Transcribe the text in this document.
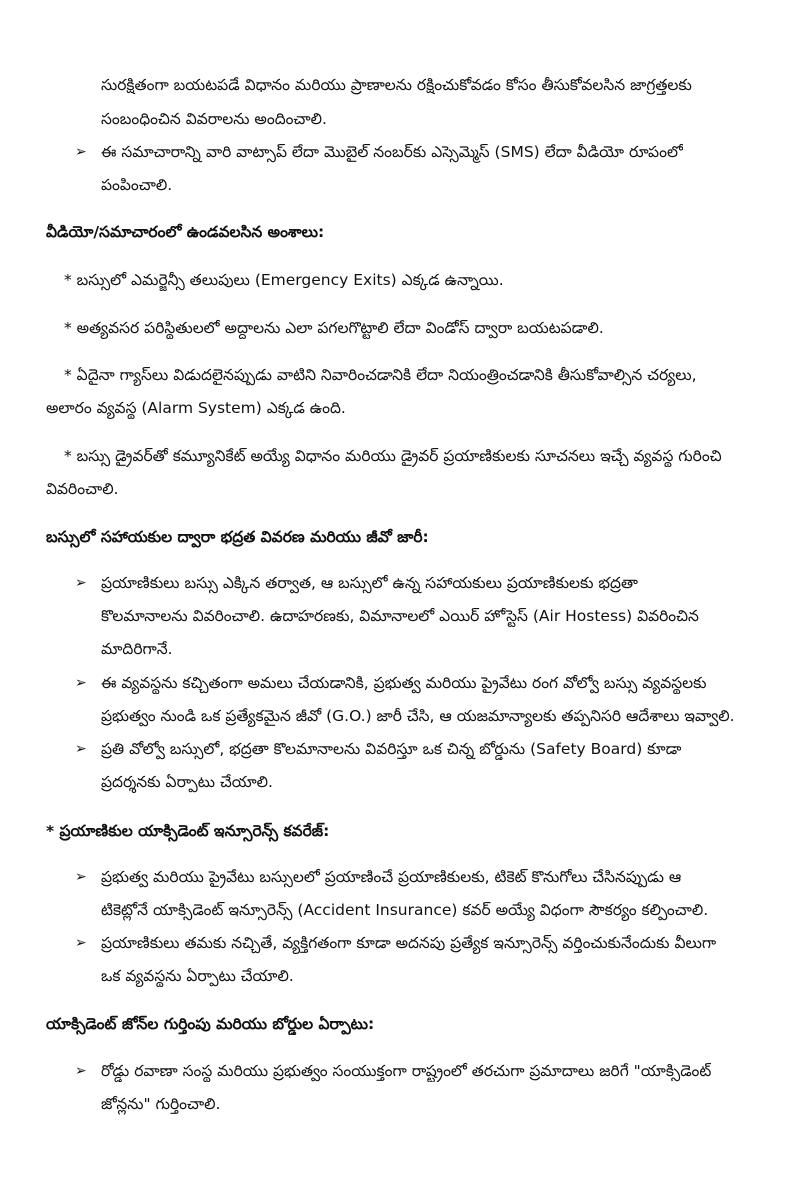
సురక్షితంగా బయటపడే విధానం మరియు ప్రాణాలను రక్షించుకోవడం కోసం తీసుకోవలసిన జాగ్రత్తలకు
సంబంధించిన వివరాలను అందించాలి.
➢ ఈ సమాచారాన్ని వారి వాట్సాప్ లేదా మొబైల్ నంబర్‌కు ఎస్సెమ్మెస్ (SMS) లేదా వీడియో రూపంలో
పంపించాలి.
వీడియో/సమాచారంలో ఉండవలసిన అంశాలు:
* బస్సులో ఎమర్జెన్సీ తలుపులు (Emergency Exits) ఎక్కడ ఉన్నాయి.
* అత్యవసర పరిస్థితులలో అద్దాలను ఎలా పగలగొట్టాలి లేదా విండోస్ ద్వారా బయటపడాలి.
* ఏదైనా గ్యాస్‌లు విడుదలైనప్పుడు వాటిని నివారించడానికి లేదా నియంత్రించడానికి తీసుకోవాల్సిన చర్యలు,
అలారం వ్యవస్థ (Alarm System) ఎక్కడ ఉంది.
* బస్సు డ్రైవర్‌తో కమ్యూనికేట్ అయ్యే విధానం మరియు డ్రైవర్ ప్రయాణికులకు సూచనలు ఇచ్చే వ్యవస్థ గురించి
వివరించాలి.
బస్సులో సహాయకుల ద్వారా భద్రత వివరణ మరియు జీవో జారీ:
➢ ప్రయాణికులు బస్సు ఎక్కిన తర్వాత, ఆ బస్సులో ఉన్న సహాయకులు ప్రయాణికులకు భద్రతా
కొలమానాలను వివరించాలి. ఉదాహరణకు, విమానాలలో ఎయిర్ హోస్టెస్ (Air Hostess) వివరించిన
మాదిరిగానే.
➢ ఈ వ్యవస్థను కచ్చితంగా అమలు చేయడానికి, ప్రభుత్వ మరియు ప్రైవేటు రంగ వోల్వో బస్సు వ్యవస్థలకు
ప్రభుత్వం నుండి ఒక ప్రత్యేకమైన జీవో (G.O.) జారీ చేసి, ఆ యజమాన్యాలకు తప్పనిసరి ఆదేశాలు ఇవ్వాలి.
➢ ప్రతి వోల్వో బస్సులో, భద్రతా కొలమానాలను వివరిస్తూ ఒక చిన్న బోర్డును (Safety Board) కూడా
ప్రదర్శనకు ఏర్పాటు చేయాలి.
* ప్రయాణికుల యాక్సిడెంట్ ఇన్సూరెన్స్ కవరేజ్:
➢ ప్రభుత్వ మరియు ప్రైవేటు బస్సులలో ప్రయాణించే ప్రయాణికులకు, టికెట్ కొనుగోలు చేసినప్పుడు ఆ
టికెట్లోనే యాక్సిడెంట్ ఇన్సూరెన్స్ (Accident Insurance) కవర్ అయ్యే విధంగా సౌకర్యం కల్పించాలి.
➢ ప్రయాణికులు తమకు నచ్చితే, వ్యక్తిగతంగా కూడా అదనపు ప్రత్యేక ఇన్సూరెన్స్ వర్తించుకునేందుకు వీలుగా
ఒక వ్యవస్థను ఏర్పాటు చేయాలి.
యాక్సిడెంట్ జోన్‌ల గుర్తింపు మరియు బోర్డుల ఏర్పాటు:
➢ రోడ్డు రవాణా సంస్థ మరియు ప్రభుత్వం సంయుక్తంగా రాష్ట్రంలో తరచుగా ప్రమాదాలు జరిగే "యాక్సిడెంట్
జోన్లను" గుర్తించాలి.
